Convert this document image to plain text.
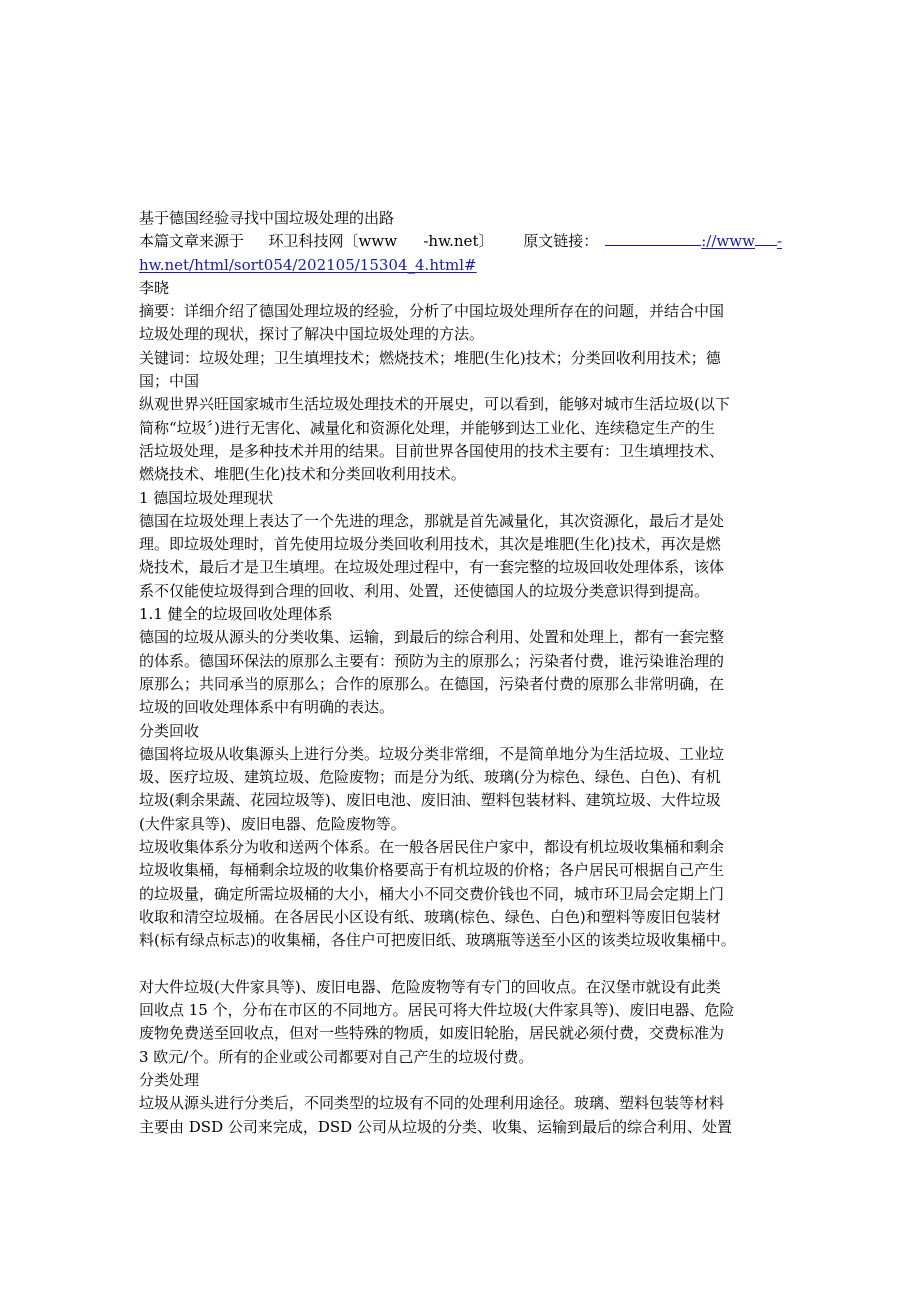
基于德国经验寻找中国垃圾处理的出路
本篇文章来源于 环卫科技网 〔www -hw.net〕 原文链接：	://www -
hw.net/html/sort054/202105/15304_4.html#
李晓
摘要：详细介绍了德国处理垃圾的经验，分析了中国垃圾处理所存在的问题，并结合中国
垃圾处理的现状，探讨了解决中国垃圾处理的方法。
关键词：垃圾处理；卫生填埋技术；燃烧技术；堆肥(生化)技术；分类回收利用技术；德
国；中国
纵观世界兴旺国家城市生活垃圾处理技术的开展史，可以看到，能够对城市生活垃圾(以下
简称“垃圾〞)进行无害化、减量化和资源化处理，并能够到达工业化、连续稳定生产的生
活垃圾处理，是多种技术并用的结果。目前世界各国使用的技术主要有：卫生填埋技术、
燃烧技术、堆肥(生化)技术和分类回收利用技术。
1 德国垃圾处理现状
德国在垃圾处理上表达了一个先进的理念，那就是首先减量化，其次资源化，最后才是处
理。即垃圾处理时，首先使用垃圾分类回收利用技术，其次是堆肥(生化)技术，再次是燃
烧技术，最后才是卫生填埋。在垃圾处理过程中，有一套完整的垃圾回收处理体系，该体
系不仅能使垃圾得到合理的回收、利用、处置，还使德国人的垃圾分类意识得到提高。
1.1 健全的垃圾回收处理体系
德国的垃圾从源头的分类收集、运输，到最后的综合利用、处置和处理上，都有一套完整
的体系。德国环保法的原那么主要有：预防为主的原那么；污染者付费，谁污染谁治理的
原那么；共同承当的原那么；合作的原那么。在德国，污染者付费的原那么非常明确，在
垃圾的回收处理体系中有明确的表达。
分类回收
德国将垃圾从收集源头上进行分类。垃圾分类非常细，不是简单地分为生活垃圾、工业垃
圾、医疗垃圾、建筑垃圾、危险废物；而是分为纸、玻璃(分为棕色、绿色、白色)、有机
垃圾(剩余果蔬、花园垃圾等)、废旧电池、废旧油、塑料包装材料、建筑垃圾、大件垃圾
(大件家具等)、废旧电器、危险废物等。
垃圾收集体系分为收和送两个体系。在一般各居民住户家中，都设有机垃圾收集桶和剩余
垃圾收集桶，每桶剩余垃圾的收集价格要高于有机垃圾的价格；各户居民可根据自己产生
的垃圾量，确定所需垃圾桶的大小，桶大小不同交费价钱也不同，城市环卫局会定期上门
收取和清空垃圾桶。在各居民小区设有纸、玻璃(棕色、绿色、白色)和塑料等废旧包装材
料(标有绿点标志)的收集桶，各住户可把废旧纸、玻璃瓶等送至小区的该类垃圾收集桶中。
对大件垃圾(大件家具等)、废旧电器、危险废物等有专门的回收点。在汉堡市就设有此类
回收点 15 个，分布在市区的不同地方。居民可将大件垃圾(大件家具等)、废旧电器、危险
废物免费送至回收点，但对一些特殊的物质，如废旧轮胎，居民就必须付费，交费标准为
3 欧元/个。所有的企业或公司都要对自己产生的垃圾付费。
分类处理
垃圾从源头进行分类后，不同类型的垃圾有不同的处理利用途径。玻璃、塑料包装等材料
主要由 DSD 公司来完成，DSD 公司从垃圾的分类、收集、运输到最后的综合利用、处置
